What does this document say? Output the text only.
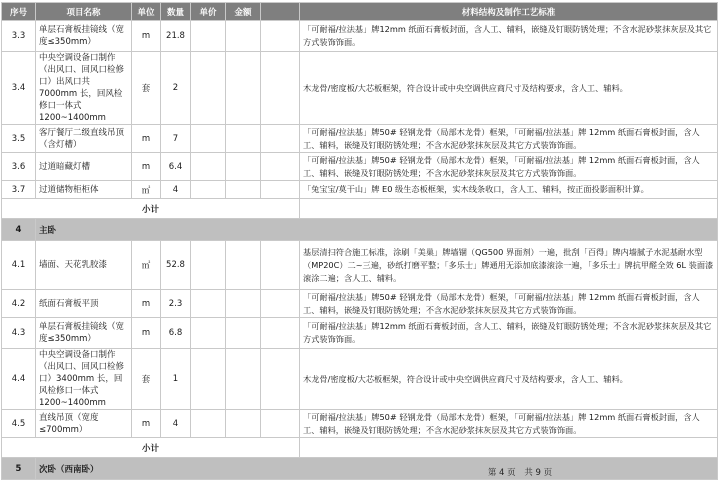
序号	项目名称	单位	数量	单价	金额		材料结构及制作工艺标准
3.3	单层石膏板挂镜线（宽度≤350mm）	m	21.8				「可耐福/拉法基」牌12mm 纸面石膏板封面，含人工、辅料，嵌缝及钉眼防锈处理；不含水泥砂浆抹灰层及其它方式装饰饰面。
3.4	中央空调设备口制作（出风口、回风口检修口）出风口共 7000mm 长，回风检修口一体式 1200~1400mm	套	2				木龙骨/密度板/大芯板框架，符合设计或中央空调供应商尺寸及结构要求，含人工、辅料。
3.5	客厅餐厅二级直线吊顶（含灯槽）	m	7				「可耐福/拉法基」牌50# 轻钢龙骨（局部木龙骨）框架，「可耐福/拉法基」牌 12mm 纸面石膏板封面，含人工、辅料，嵌缝及钉眼防锈处理；不含水泥砂浆抹灰层及其它方式装饰饰面。
3.6	过道暗藏灯槽	m	6.4				「可耐福/拉法基」牌50# 轻钢龙骨（局部木龙骨）框架，「可耐福/拉法基」牌 12mm 纸面石膏板封面，含人工、辅料、嵌缝及钉眼防锈处理；不含水泥砂浆抹灰层及其它方式装饰饰面。
3.7	过道储物柜柜体	㎡	4				「兔宝宝/莫干山」牌 E0 级生态板框架，实木线条收口，含人工、辅料，按正面投影面积计算。
小计							
4	主卧						
4.1	墙面、天花乳胶漆	㎡	52.8				基层清扫符合施工标准，涂刷「美巢」牌墙锢（QG500 界面剂）一遍，批刮「百得」牌内墙腻子水泥基耐水型（MP20C）二~三遍，砂纸打磨平整；「多乐士」牌通用无添加底漆滚涂一遍，「多乐士」牌抗甲醛全效 6L 装面漆滚涂二遍；含人工、辅料。
4.2	纸面石膏板平顶	m	2.3				「可耐福/拉法基」牌50# 轻钢龙骨（局部木龙骨）框架，「可耐福/拉法基」牌 12mm 纸面石膏板封面，含人工、辅料，嵌缝及钉眼防锈处理；不含水泥砂浆抹灰层及其它方式装饰饰面。
4.3	单层石膏板挂镜线（宽度≤350mm）	m	6.8				「可耐福/拉法基」牌12mm 纸面石膏板封面，含人工、辅料，嵌缝及钉眼防锈处理；不含水泥砂浆抹灰层及其它方式装饰饰面。
4.4	中央空调设备口制作（出风口、回风口检修口）3400mm 长，回风检修口一体式 1200~1400mm	套	1				木龙骨/密度板/大芯板框架，符合设计或中央空调供应商尺寸及结构要求，含人工、辅料。
4.5	直线吊顶（宽度≤700mm）	m	4				「可耐福/拉法基」牌50# 轻钢龙骨（局部木龙骨）框架，「可耐福/拉法基」牌 12mm 纸面石膏板封面，含人工、辅料，嵌缝及钉眼防锈处理；不含水泥砂浆抹灰层及其它方式装饰饰面。
小计							
5	次卧（西南卧）							第 4 页 共 9 页
